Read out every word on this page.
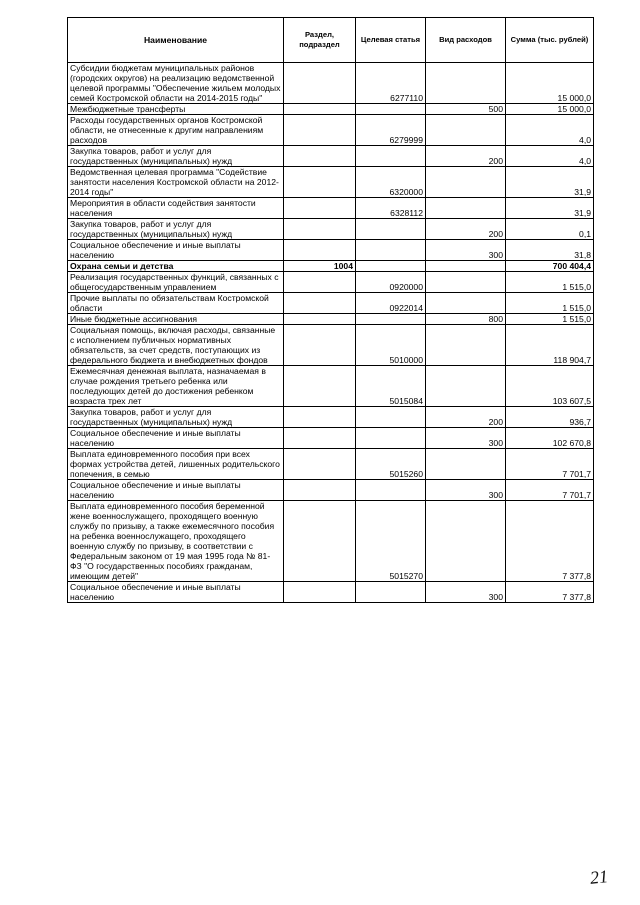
Наименование	Раздел, подраздел	Целевая статья	Вид расходов	Сумма (тыс. рублей)
Субсидии бюджетам муниципальных районов (городских округов) на реализацию ведомственной целевой программы "Обеспечение жильем молодых семей Костромской области на 2014-2015 годы"		6277110		15 000,0
Межбюджетные трансферты			500	15 000,0
Расходы государственных органов Костромской области, не отнесенные к другим направлениям расходов		6279999		4,0
Закупка товаров, работ и услуг для государственных (муниципальных) нужд			200	4,0
Ведомственная целевая программа "Содействие занятости населения Костромской области на 2012-2014 годы"		6320000		31,9
Мероприятия в области содействия занятости населения		6328112		31,9
Закупка товаров, работ и услуг для государственных (муниципальных) нужд			200	0,1
Социальное обеспечение и иные выплаты населению			300	31,8
Охрана семьи и детства	1004			700 404,4
Реализация государственных функций, связанных с общегосударственным управлением		0920000		1 515,0
Прочие выплаты по обязательствам Костромской области		0922014		1 515,0
Иные бюджетные ассигнования			800	1 515,0
Социальная помощь, включая расходы, связанные с исполнением публичных нормативных обязательств, за счет средств, поступающих из федерального бюджета и внебюджетных фондов		5010000		118 904,7
Ежемесячная денежная выплата, назначаемая в случае рождения третьего ребенка или последующих детей до достижения ребенком возраста трех лет		5015084		103 607,5
Закупка товаров, работ и услуг для государственных (муниципальных) нужд			200	936,7
Социальное обеспечение и иные выплаты населению			300	102 670,8
Выплата единовременного пособия при всех формах устройства детей, лишенных родительского попечения, в семью		5015260		7 701,7
Социальное обеспечение и иные выплаты населению			300	7 701,7
Выплата единовременного пособия беременной жене военнослужащего, проходящего военную службу по призыву, а также ежемесячного пособия на ребенка военнослужащего, проходящего военную службу по призыву, в соответствии с Федеральным законом от 19 мая 1995 года № 81-ФЗ "О государственных пособиях гражданам, имеющим детей"		5015270		7 377,8
Социальное обеспечение и иные выплаты населению			300	7 377,8
21
